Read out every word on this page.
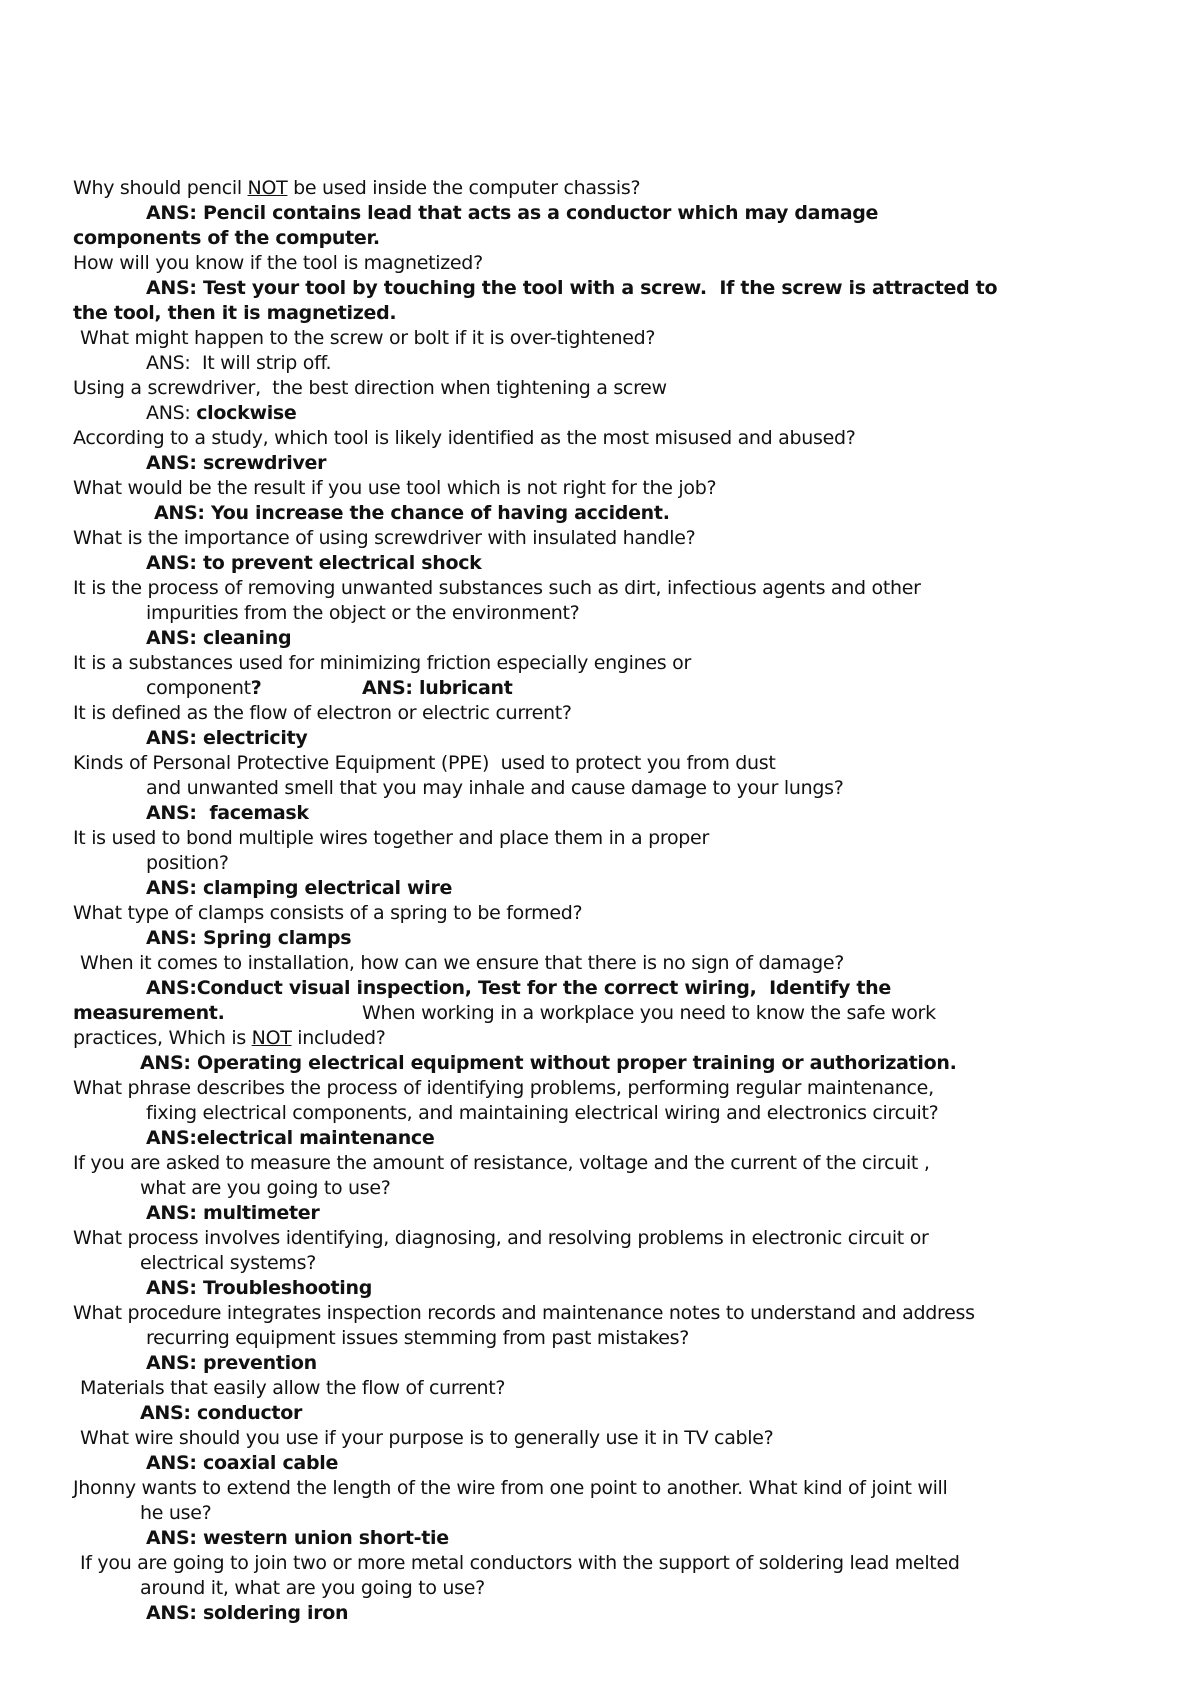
Why should pencil NOT be used inside the computer chassis?
ANS: Pencil contains lead that acts as a conductor which may damage
components of the computer.
How will you know if the tool is magnetized?
ANS: Test your tool by touching the tool with a screw.  If the screw is attracted to
the tool, then it is magnetized.
What might happen to the screw or bolt if it is over-tightened?
ANS:  It will strip off.
Using a screwdriver,  the best direction when tightening a screw
ANS: clockwise
According to a study, which tool is likely identified as the most misused and abused?
ANS: screwdriver
What would be the result if you use tool which is not right for the job?
ANS: You increase the chance of having accident.
What is the importance of using screwdriver with insulated handle?
ANS: to prevent electrical shock
It is the process of removing unwanted substances such as dirt, infectious agents and other
impurities from the object or the environment?
ANS: cleaning
It is a substances used for minimizing friction especially engines or
component?	ANS: lubricant
It is defined as the flow of electron or electric current?
ANS: electricity
Kinds of Personal Protective Equipment (PPE)  used to protect you from dust
and unwanted smell that you may inhale and cause damage to your lungs?
ANS:  facemask
It is used to bond multiple wires together and place them in a proper
position?
ANS: clamping electrical wire
What type of clamps consists of a spring to be formed?
ANS: Spring clamps
When it comes to installation, how can we ensure that there is no sign of damage?
ANS:Conduct visual inspection, Test for the correct wiring,  Identify the
measurement.	When working in a workplace you need to know the safe work
practices, Which is NOT included?
ANS: Operating electrical equipment without proper training or authorization.
What phrase describes the process of identifying problems, performing regular maintenance,
fixing electrical components, and maintaining electrical wiring and electronics circuit?
ANS:electrical maintenance
If you are asked to measure the amount of resistance, voltage and the current of the circuit ,
what are you going to use?
ANS: multimeter
What process involves identifying, diagnosing, and resolving problems in electronic circuit or
electrical systems?
ANS: Troubleshooting
What procedure integrates inspection records and maintenance notes to understand and address
recurring equipment issues stemming from past mistakes?
ANS: prevention
Materials that easily allow the flow of current?
ANS: conductor
What wire should you use if your purpose is to generally use it in TV cable?
ANS: coaxial cable
Jhonny wants to extend the length of the wire from one point to another. What kind of joint will
he use?
ANS: western union short-tie
If you are going to join two or more metal conductors with the support of soldering lead melted
around it, what are you going to use?
ANS: soldering iron
